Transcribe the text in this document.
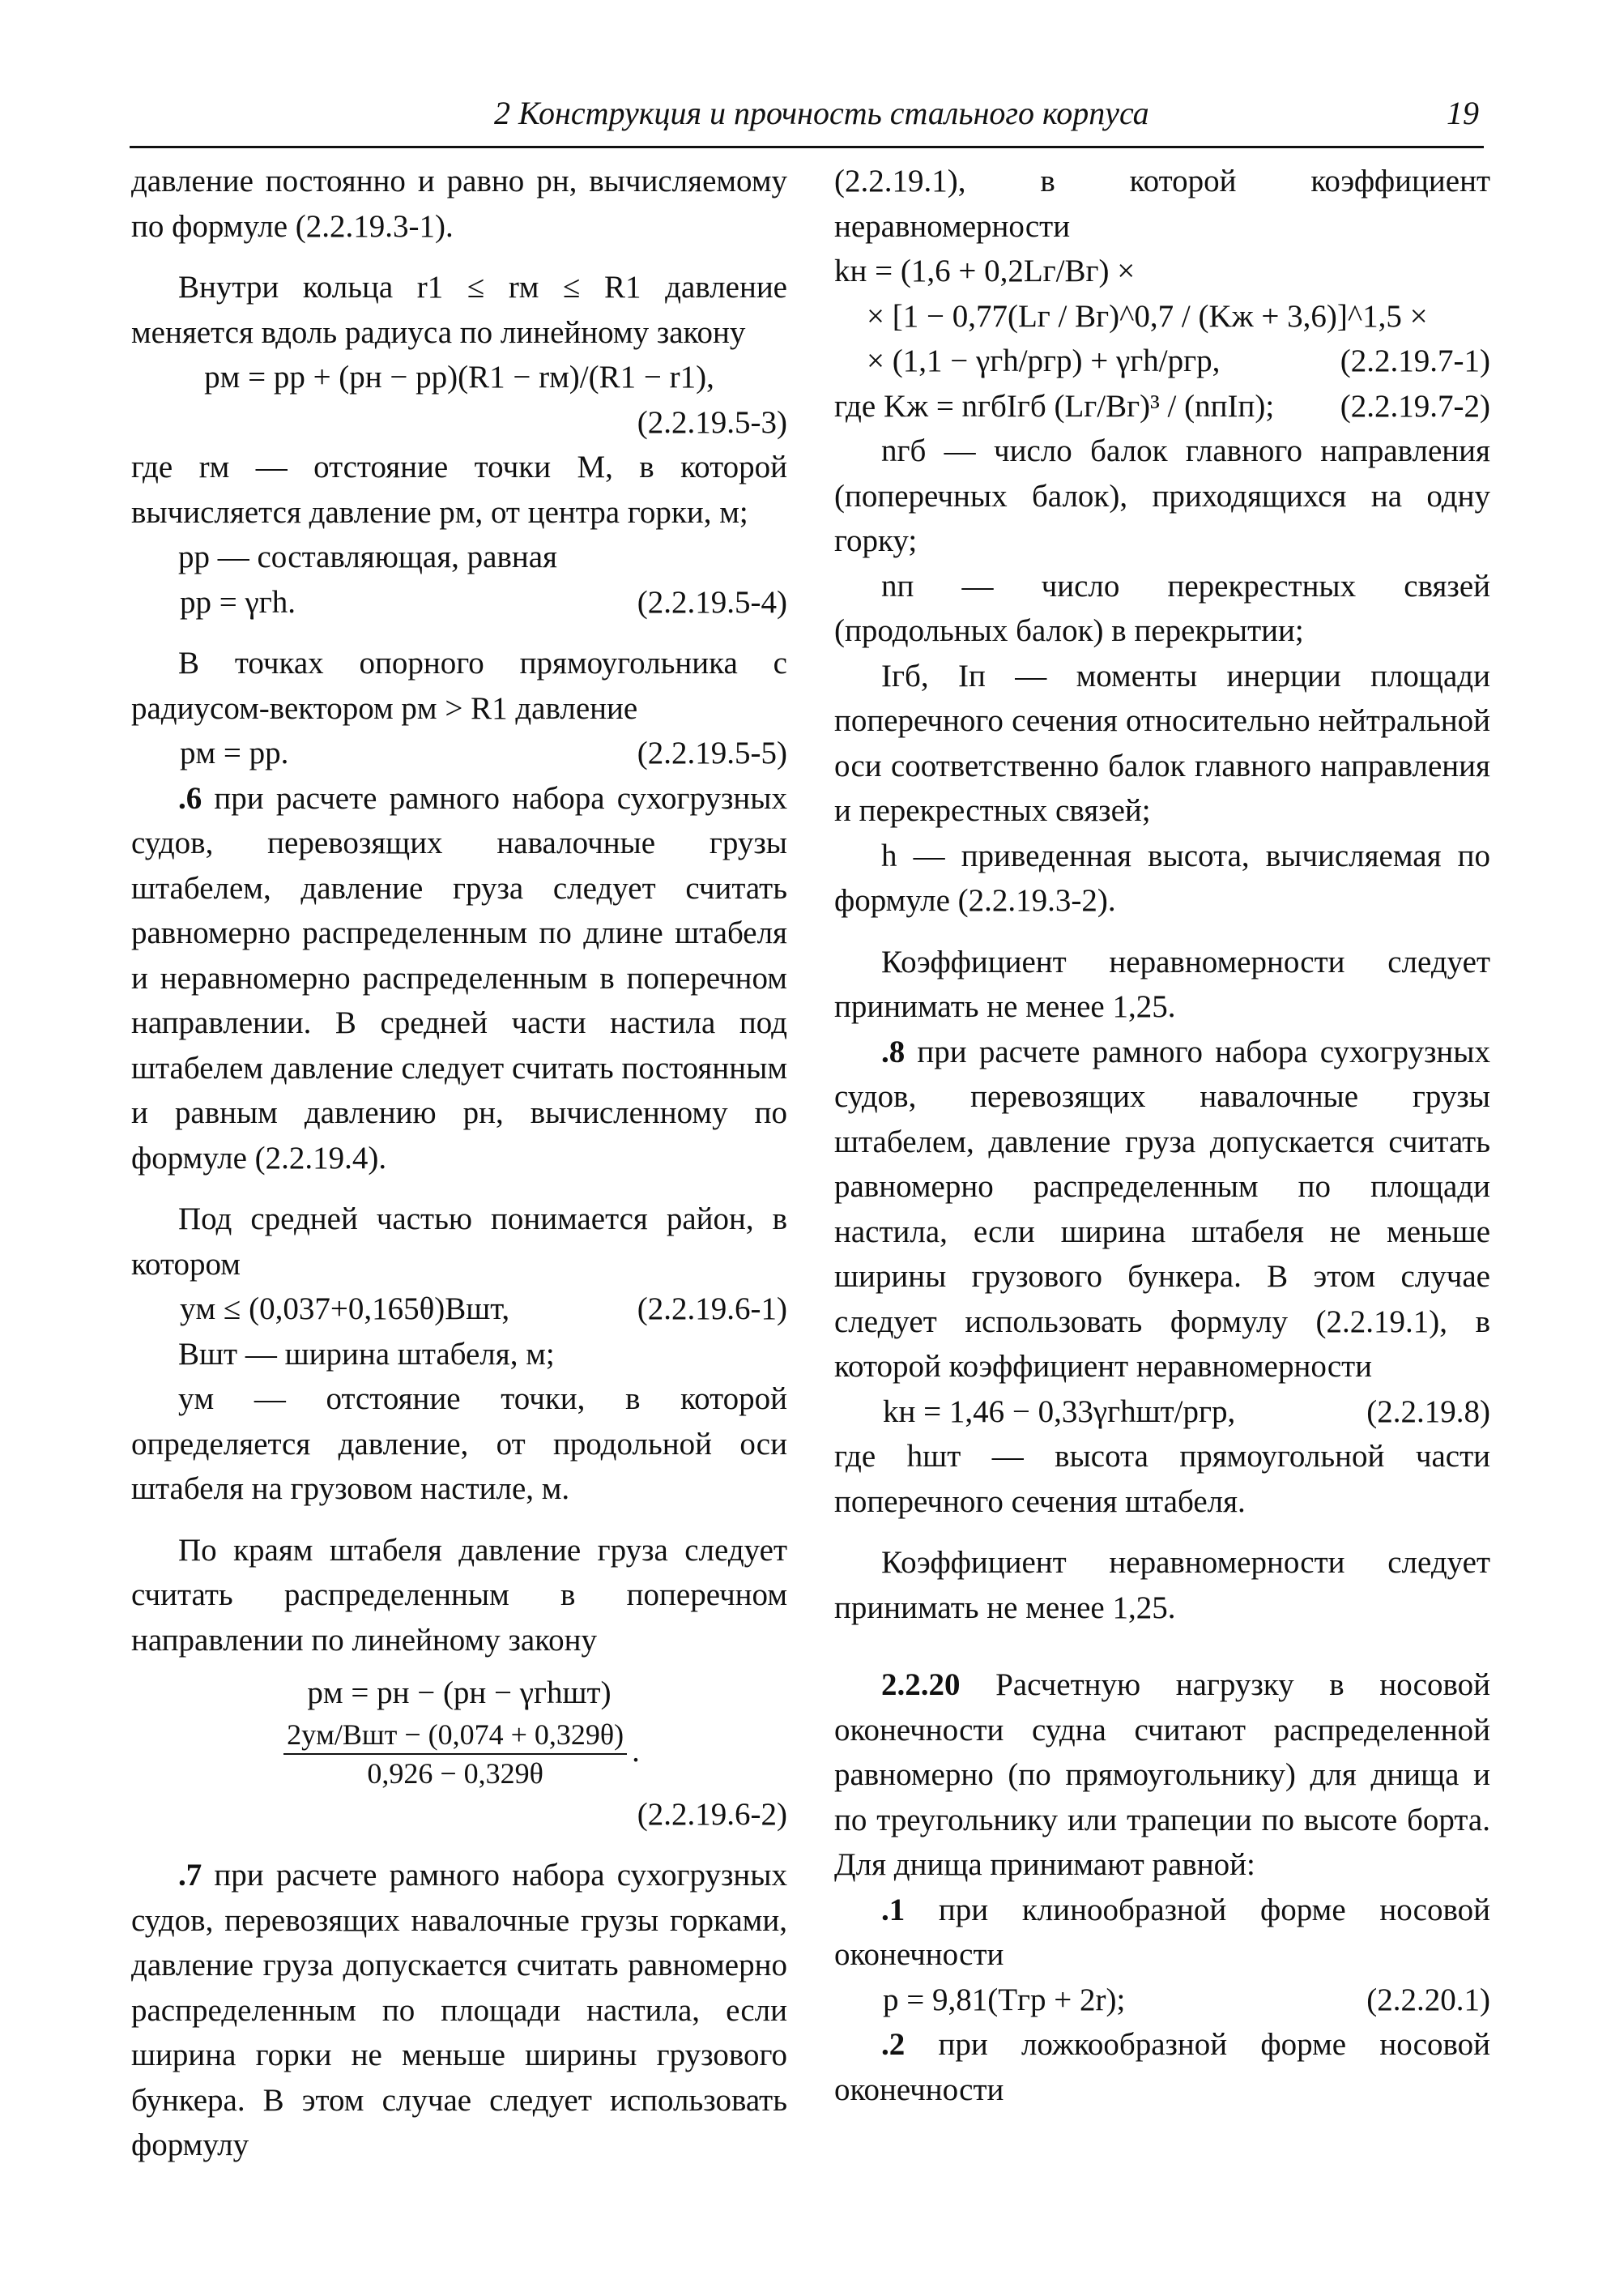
2 Конструкция и прочность стального корпуса	19

давление постоянно и равно pн, вычисляемому по формуле (2.2.19.3-1).

Внутри кольца r1 ≤ rм ≤ R1 давление меняется вдоль радиуса по линейному закону

pм = pр + (pн − pр)(R1 − rм)/(R1 − r1),
(2.2.19.5-3)

где rм — отстояние точки M, в которой вычисляется давление pм, от центра горки, м;

pр — составляющая, равная

pр = γгh.	(2.2.19.5-4)

В точках опорного прямоугольника с радиусом-вектором pм > R1 давление

pм = pр.	(2.2.19.5-5)

.6 при расчете рамного набора сухогрузных судов, перевозящих навалочные грузы штабелем, давление груза следует считать равномерно распределенным по длине штабеля и неравномерно распределенным в поперечном направлении. В средней части настила под штабелем давление следует считать постоянным и равным давлению pн, вычисленному по формуле (2.2.19.4).

Под средней частью понимается район, в котором

yм ≤ (0,037+0,165θ)Bшт,	(2.2.19.6-1)

Bшт — ширина штабеля, м;

yм — отстояние точки, в которой определяется давление, от продольной оси штабеля на грузовом настиле, м.

По краям штабеля давление груза следует считать распределенным в поперечном направлении по линейному закону

pм = pн − (pн − γгhшт)
$\frac{\text{2yм/Bшт − (0,074 + 0,329θ)}}{0,926 - 0,329\theta}$ .
(2.2.19.6-2)

.7 при расчете рамного набора сухогрузных судов, перевозящих навалочные грузы горками, давление груза допускается считать равномерно распределенным по площади настила, если ширина горки не меньше ширины грузового бункера. В этом случае следует использовать формулу

(2.2.19.1), в которой коэффициент неравномерности

kн = (1,6 + 0,2Lг/Bг) ×
× [1 − 0,77(Lг / Bг)^0,7 / (Kж + 3,6)]^1,5 ×
× (1,1 − γгh/pгр) + γгh/pгр,	(2.2.19.7-1)
где Kж = nгбIгб (Lг/Bг)³ / (nпIп); (2.2.19.7-2)

nгб — число балок главного направления (поперечных балок), приходящихся на одну горку;

nп — число перекрестных связей (продольных балок) в перекрытии;

Iгб, Iп — моменты инерции площади поперечного сечения относительно нейтральной оси соответственно балок главного направления и перекрестных связей;

h — приведенная высота, вычисляемая по формуле (2.2.19.3-2).

Коэффициент неравномерности следует принимать не менее 1,25.

.8 при расчете рамного набора сухогрузных судов, перевозящих навалочные грузы штабелем, давление груза допускается считать равномерно распределенным по площади настила, если ширина штабеля не меньше ширины грузового бункера. В этом случае следует использовать формулу (2.2.19.1), в которой коэффициент неравномерности

kн = 1,46 − 0,33γгhшт/pгр,	(2.2.19.8)

где hшт — высота прямоугольной части поперечного сечения штабеля.

Коэффициент неравномерности следует принимать не менее 1,25.

2.2.20 Расчетную нагрузку в носовой оконечности судна считают распределенной равномерно (по прямоугольнику) для днища и по треугольнику или трапеции по высоте борта. Для днища принимают равной:

.1 при клинообразной форме носовой оконечности

p = 9,81(Tгр + 2r);	(2.2.20.1)

.2 при ложкообразной форме носовой оконечности
